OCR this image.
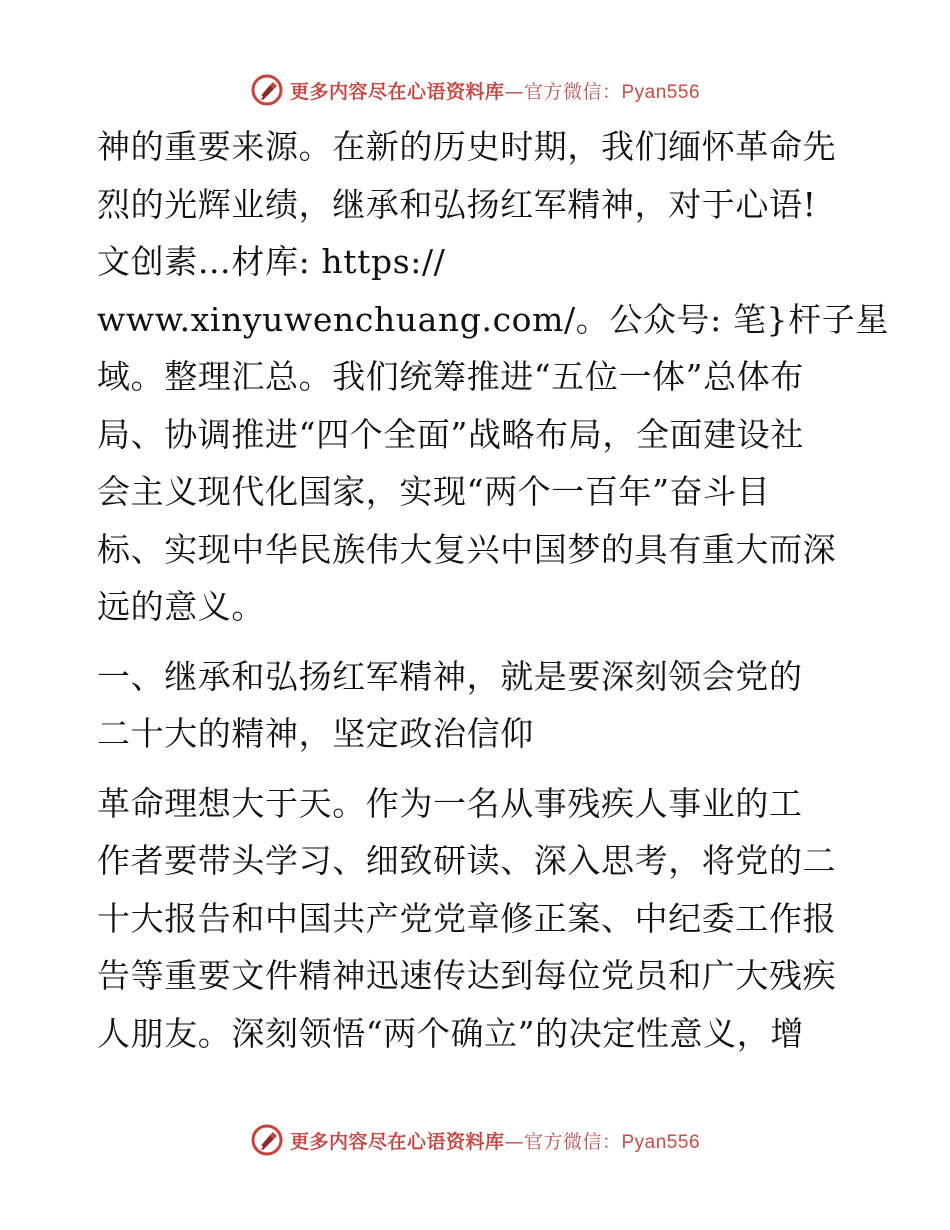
更多内容尽在心语资料库—官方微信：Pyan556
神的重要来源。在新的历史时期，我们缅怀革命先
烈的光辉业绩，继承和弘扬红军精神，对于心语!
文创素…材库: https://
www.xinyuwenchuang.com/。公众号: 笔}杆子星
域。整理汇总。我们统筹推进“五位一体”总体布
局、协调推进“四个全面”战略布局，全面建设社
会主义现代化国家，实现“两个一百年”奋斗目
标、实现中华民族伟大复兴中国梦的具有重大而深
远的意义。
一、继承和弘扬红军精神，就是要深刻领会党的
二十大的精神，坚定政治信仰
革命理想大于天。作为一名从事残疾人事业的工
作者要带头学习、细致研读、深入思考，将党的二
十大报告和中国共产党党章修正案、中纪委工作报
告等重要文件精神迅速传达到每位党员和广大残疾
人朋友。深刻领悟“两个确立”的决定性意义，增
更多内容尽在心语资料库—官方微信：Pyan556
